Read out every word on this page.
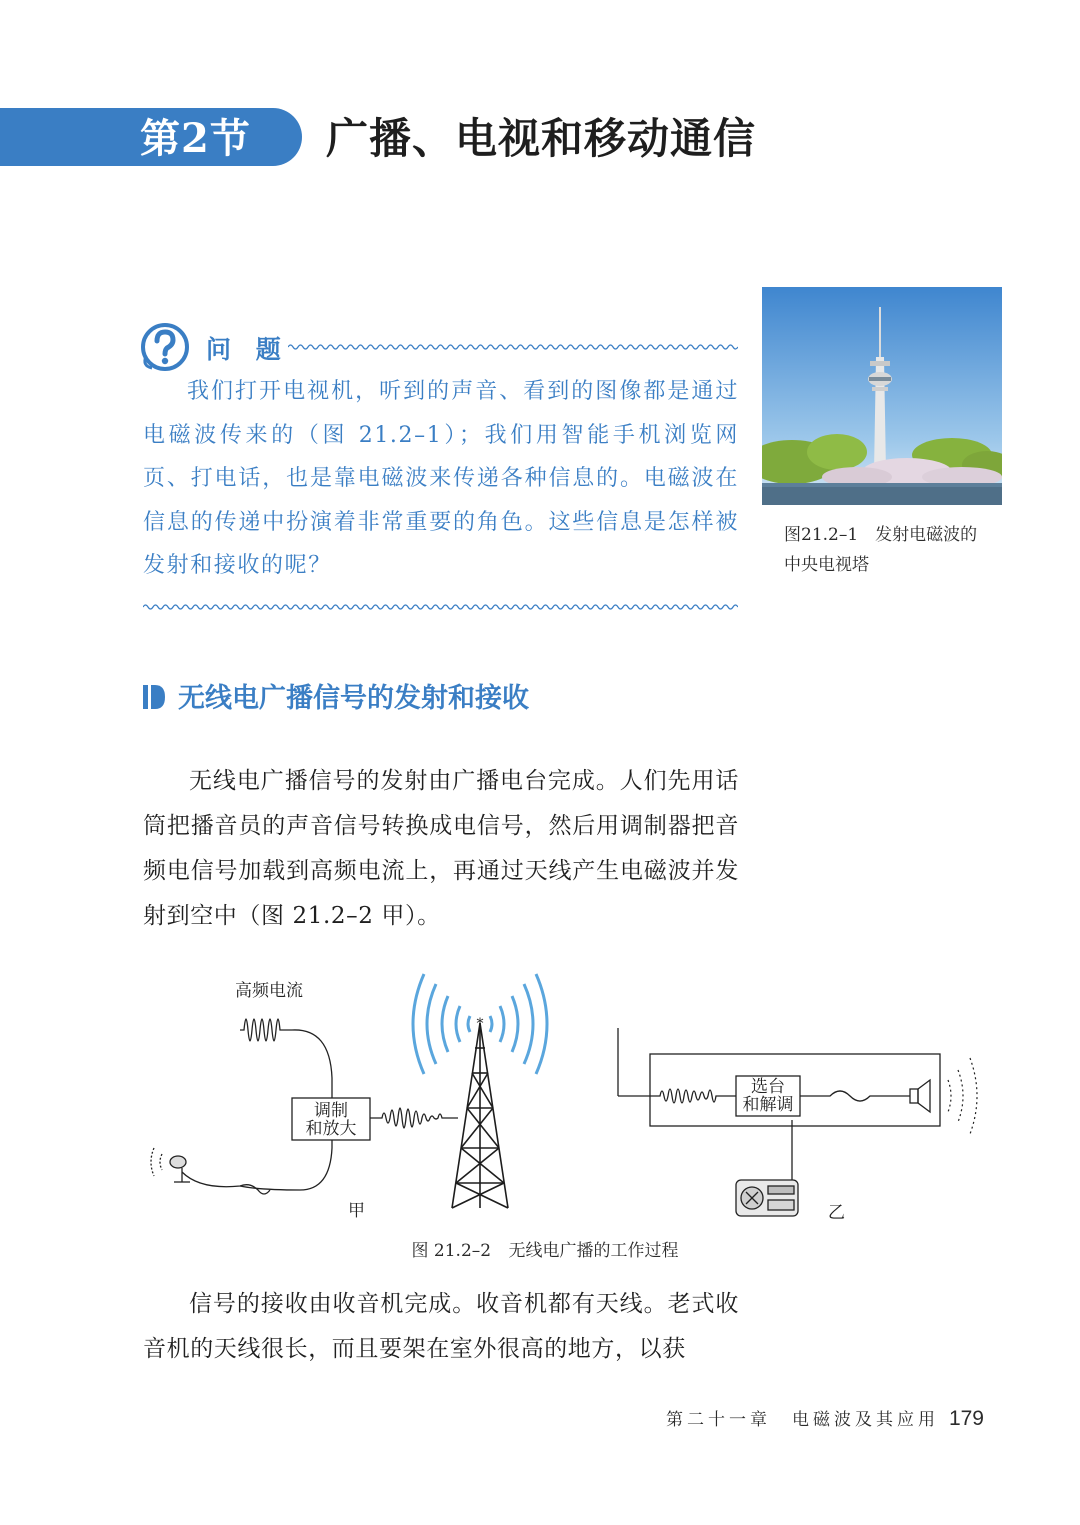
第2节 广播、电视和移动通信
问 题

我们打开电视机，听到的声音、看到的图像都是通过电磁波传来的（图 21.2–1）；我们用智能手机浏览网页、打电话，也是靠电磁波来传递各种信息的。电磁波在信息的传递中扮演着非常重要的角色。这些信息是怎样被发射和接收的呢？

图21.2–1　发射电磁波的
中央电视塔
无线电广播信号的发射和接收

无线电广播信号的发射由广播电台完成。人们先用话筒把播音员的声音信号转换成电信号，然后用调制器把音频电信号加载到高频电流上，再通过天线产生电磁波并发射到空中（图 21.2–2 甲）。

*
高频电流
调制
和放大
选台
和解调
甲	乙
图 21.2–2 无线电广播的工作过程

信号的接收由收音机完成。收音机都有天线。老式收音机的天线很长，而且要架在室外很高的地方，以获

第二十一章　电磁波及其应用 179
